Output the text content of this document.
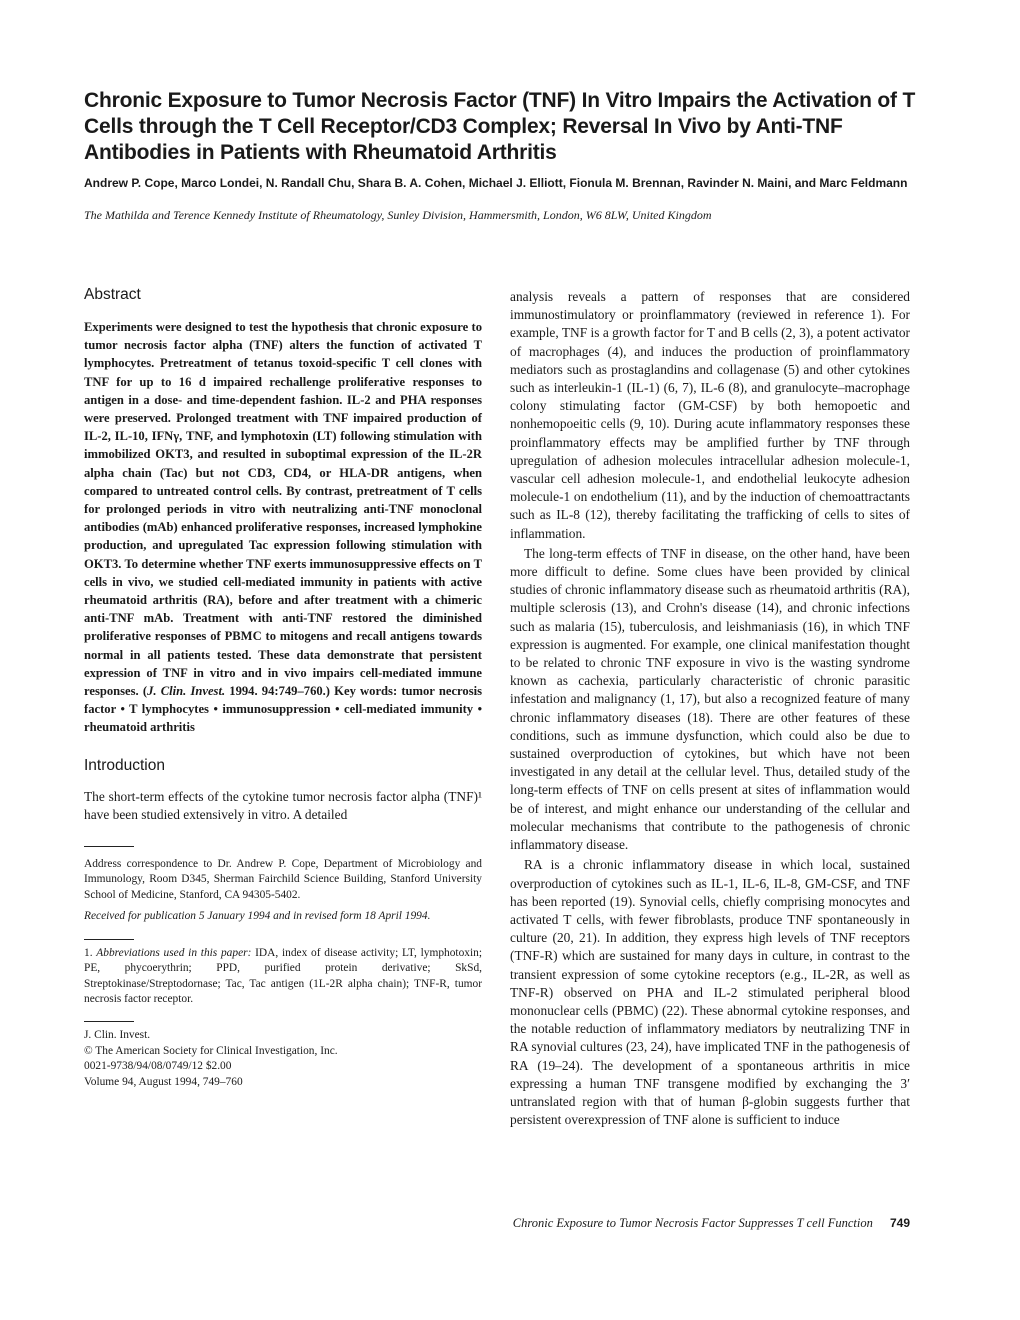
Chronic Exposure to Tumor Necrosis Factor (TNF) In Vitro Impairs the Activation of T Cells through the T Cell Receptor/CD3 Complex; Reversal In Vivo by Anti-TNF Antibodies in Patients with Rheumatoid Arthritis

Andrew P. Cope, Marco Londei, N. Randall Chu, Shara B. A. Cohen, Michael J. Elliott, Fionula M. Brennan, Ravinder N. Maini, and Marc Feldmann

The Mathilda and Terence Kennedy Institute of Rheumatology, Sunley Division, Hammersmith, London, W6 8LW, United Kingdom

Abstract

Experiments were designed to test the hypothesis that chronic exposure to tumor necrosis factor alpha (TNF) alters the function of activated T lymphocytes. Pretreatment of tetanus toxoid-specific T cell clones with TNF for up to 16 d impaired rechallenge proliferative responses to antigen in a dose- and time-dependent fashion. IL-2 and PHA responses were preserved. Prolonged treatment with TNF impaired production of IL-2, IL-10, IFNγ, TNF, and lymphotoxin (LT) following stimulation with immobilized OKT3, and resulted in suboptimal expression of the IL-2R alpha chain (Tac) but not CD3, CD4, or HLA-DR antigens, when compared to untreated control cells. By contrast, pretreatment of T cells for prolonged periods in vitro with neutralizing anti-TNF monoclonal antibodies (mAb) enhanced proliferative responses, increased lymphokine production, and upregulated Tac expression following stimulation with OKT3. To determine whether TNF exerts immunosuppressive effects on T cells in vivo, we studied cell-mediated immunity in patients with active rheumatoid arthritis (RA), before and after treatment with a chimeric anti-TNF mAb. Treatment with anti-TNF restored the diminished proliferative responses of PBMC to mitogens and recall antigens towards normal in all patients tested. These data demonstrate that persistent expression of TNF in vitro and in vivo impairs cell-mediated immune responses. (J. Clin. Invest. 1994. 94:749–760.) Key words: tumor necrosis factor • T lymphocytes • immunosuppression • cell-mediated immunity • rheumatoid arthritis

Introduction

The short-term effects of the cytokine tumor necrosis factor alpha (TNF)¹ have been studied extensively in vitro. A detailed

Address correspondence to Dr. Andrew P. Cope, Department of Microbiology and Immunology, Room D345, Sherman Fairchild Science Building, Stanford University School of Medicine, Stanford, CA 94305-5402.

Received for publication 5 January 1994 and in revised form 18 April 1994.

1. Abbreviations used in this paper: IDA, index of disease activity; LT, lymphotoxin; PE, phycoerythrin; PPD, purified protein derivative; SkSd, Streptokinase/Streptodornase; Tac, Tac antigen (1L-2R alpha chain); TNF-R, tumor necrosis factor receptor.

J. Clin. Invest.

© The American Society for Clinical Investigation, Inc.

0021-9738/94/08/0749/12 $2.00

Volume 94, August 1994, 749–760

analysis reveals a pattern of responses that are considered immunostimulatory or proinflammatory (reviewed in reference 1). For example, TNF is a growth factor for T and B cells (2, 3), a potent activator of macrophages (4), and induces the production of proinflammatory mediators such as prostaglandins and collagenase (5) and other cytokines such as interleukin-1 (IL-1) (6, 7), IL-6 (8), and granulocyte–macrophage colony stimulating factor (GM-CSF) by both hemopoetic and nonhemopoeitic cells (9, 10). During acute inflammatory responses these proinflammatory effects may be amplified further by TNF through upregulation of adhesion molecules intracellular adhesion molecule-1, vascular cell adhesion molecule-1, and endothelial leukocyte adhesion molecule-1 on endothelium (11), and by the induction of chemoattractants such as IL-8 (12), thereby facilitating the trafficking of cells to sites of inflammation.

The long-term effects of TNF in disease, on the other hand, have been more difficult to define. Some clues have been provided by clinical studies of chronic inflammatory disease such as rheumatoid arthritis (RA), multiple sclerosis (13), and Crohn's disease (14), and chronic infections such as malaria (15), tuberculosis, and leishmaniasis (16), in which TNF expression is augmented. For example, one clinical manifestation thought to be related to chronic TNF exposure in vivo is the wasting syndrome known as cachexia, particularly characteristic of chronic parasitic infestation and malignancy (1, 17), but also a recognized feature of many chronic inflammatory diseases (18). There are other features of these conditions, such as immune dysfunction, which could also be due to sustained overproduction of cytokines, but which have not been investigated in any detail at the cellular level. Thus, detailed study of the long-term effects of TNF on cells present at sites of inflammation would be of interest, and might enhance our understanding of the cellular and molecular mechanisms that contribute to the pathogenesis of chronic inflammatory disease.

RA is a chronic inflammatory disease in which local, sustained overproduction of cytokines such as IL-1, IL-6, IL-8, GM-CSF, and TNF has been reported (19). Synovial cells, chiefly comprising monocytes and activated T cells, with fewer fibroblasts, produce TNF spontaneously in culture (20, 21). In addition, they express high levels of TNF receptors (TNF-R) which are sustained for many days in culture, in contrast to the transient expression of some cytokine receptors (e.g., IL-2R, as well as TNF-R) observed on PHA and IL-2 stimulated peripheral blood mononuclear cells (PBMC) (22). These abnormal cytokine responses, and the notable reduction of inflammatory mediators by neutralizing TNF in RA synovial cultures (23, 24), have implicated TNF in the pathogenesis of RA (19–24). The development of a spontaneous arthritis in mice expressing a human TNF transgene modified by exchanging the 3′ untranslated region with that of human β-globin suggests further that persistent overexpression of TNF alone is sufficient to induce

Chronic Exposure to Tumor Necrosis Factor Suppresses T cell Function 749
